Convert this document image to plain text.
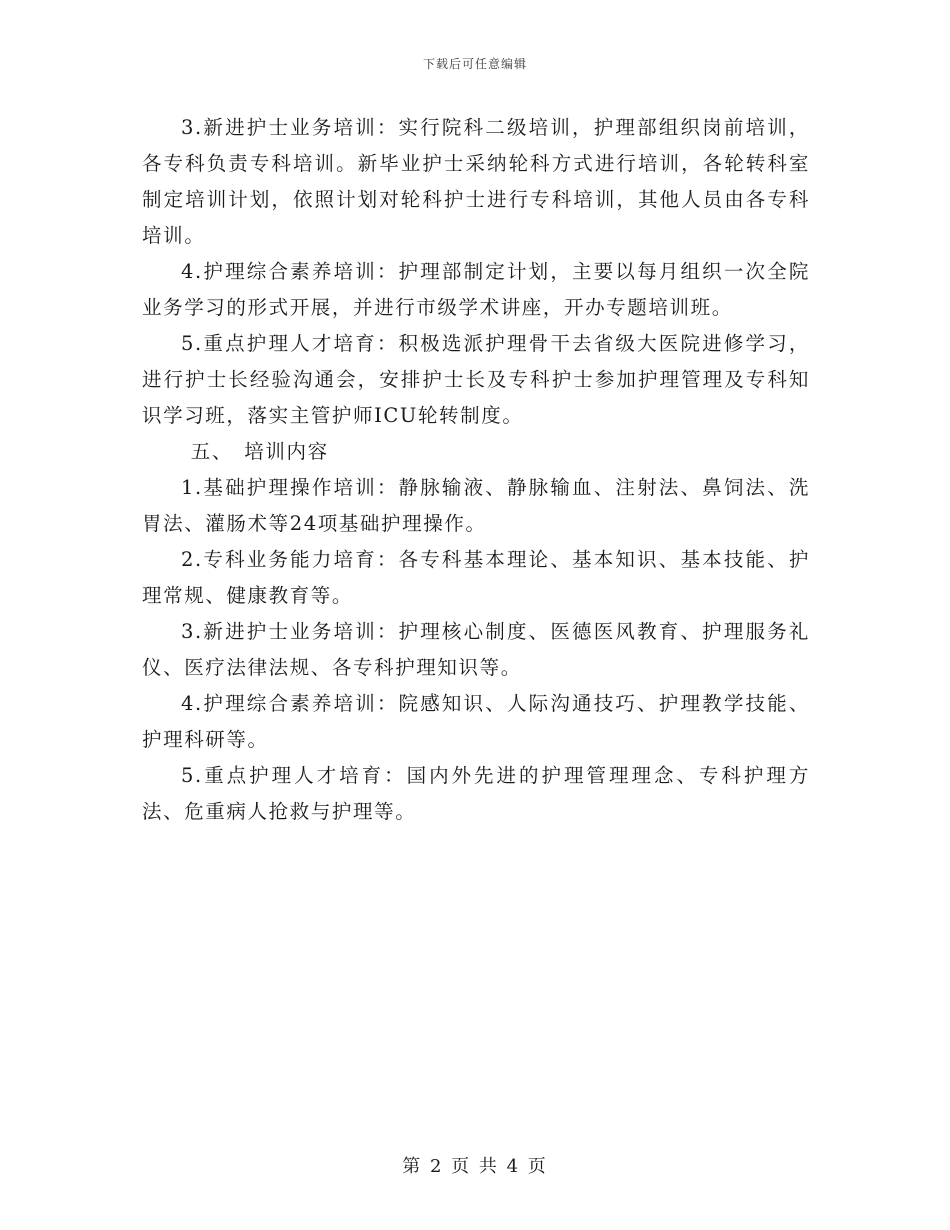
下载后可任意编辑

3.新进护士业务培训：实行院科二级培训，护理部组织岗前培训，各专科负责专科培训。新毕业护士采纳轮科方式进行培训，各轮转科室制定培训计划，依照计划对轮科护士进行专科培训，其他人员由各专科培训。

4.护理综合素养培训：护理部制定计划，主要以每月组织一次全院业务学习的形式开展，并进行市级学术讲座，开办专题培训班。

5.重点护理人才培育：积极选派护理骨干去省级大医院进修学习，进行护士长经验沟通会，安排护士长及专科护士参加护理管理及专科知识学习班，落实主管护师ICU轮转制度。

五、　培训内容

1.基础护理操作培训：静脉输液、静脉输血、注射法、鼻饲法、洗胃法、灌肠术等24项基础护理操作。

2.专科业务能力培育：各专科基本理论、基本知识、基本技能、护理常规、健康教育等。

3.新进护士业务培训：护理核心制度、医德医风教育、护理服务礼仪、医疗法律法规、各专科护理知识等。

4.护理综合素养培训：院感知识、人际沟通技巧、护理教学技能、护理科研等。

5.重点护理人才培育：国内外先进的护理管理理念、专科护理方法、危重病人抢救与护理等。

第 2 页 共 4 页
